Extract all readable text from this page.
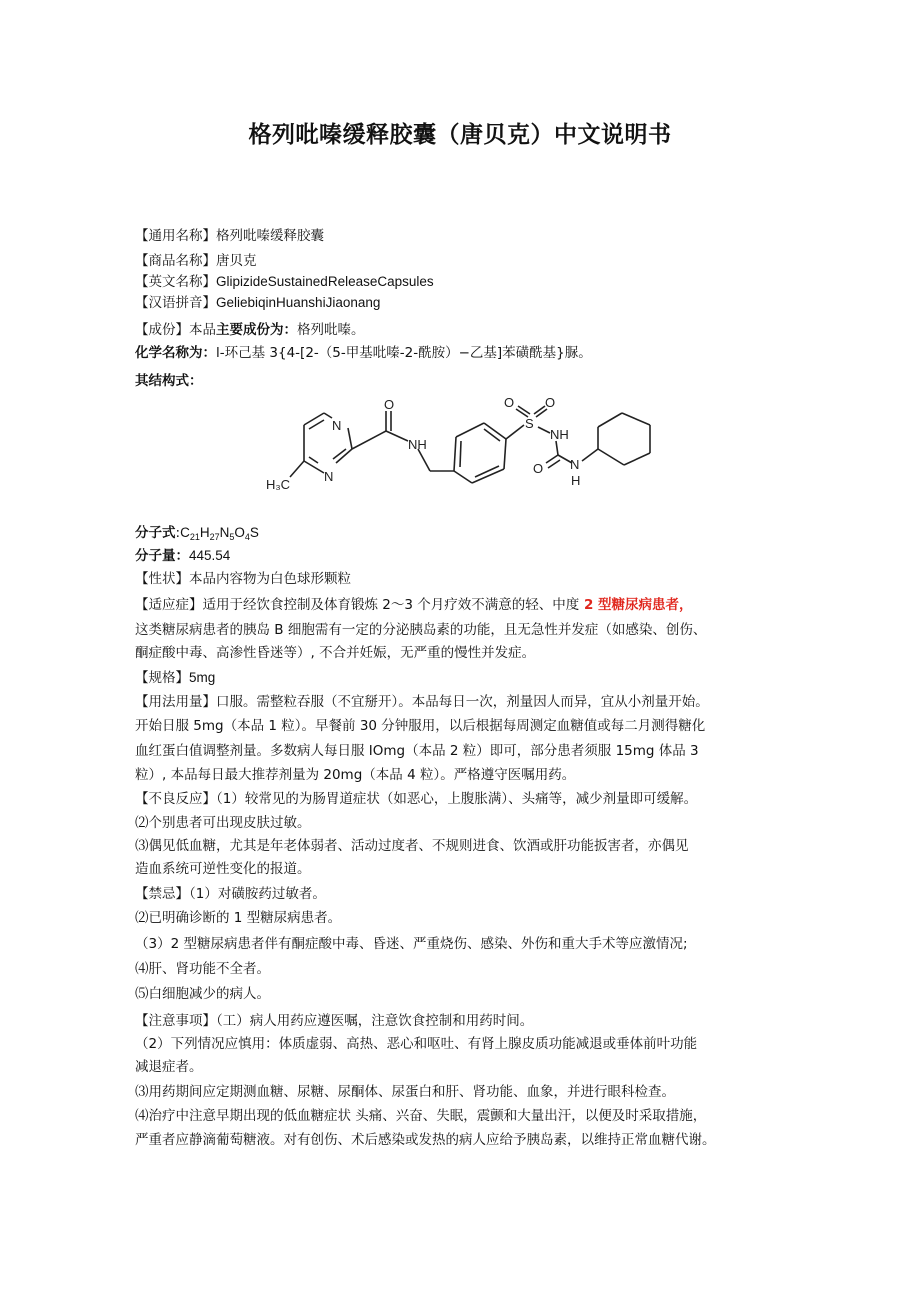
格列吡嗪缓释胶囊（唐贝克）中文说明书

【通用名称】格列吡嗪缓释胶囊

【商品名称】唐贝克

【英文名称】GlipizideSustainedReleaseCapsules

【汉语拼音】GeliebiqinHuanshiJiaonang

【成份】本品主要成份为：格列吡嗪。

化学名称为：l-环己基 3{4-[2-（5-甲基吡嗪-2-酰胺）−乙基]苯磺酰基}脲。

其结构式：

N
N
H₃C
O
NH
S
O O
NH
O N
H

分子式$:C_{21}H_{27}N_5O_4S$

分子量：445.54

【性状】本品内容物为白色球形颗粒

【适应症】适用于经饮食控制及体育锻炼 2～3 个月疗效不满意的轻、中度 2 型糖尿病患者，

这类糖尿病患者的胰岛 B 细胞需有一定的分泌胰岛素的功能，且无急性并发症（如感染、创伤、

酮症酸中毒、高渗性昏迷等）, 不合并妊娠，无严重的慢性并发症。

【规格】5mg

【用法用量】口服。需整粒吞服（不宜掰开）。本品每日一次，剂量因人而异，宜从小剂量开始。

开始日服 5mg（本品 1 粒）。早餐前 30 分钟服用，以后根据每周测定血糖值或每二月测得糖化

血红蛋白值调整剂量。多数病人每日服 IOmg（本品 2 粒）即可，部分患者须服 15mg 体品 3

粒）, 本品每日最大推荐剂量为 20mg（本品 4 粒）。严格遵守医嘱用药。

【不良反应】（1）较常见的为肠胃道症状（如恶心，上腹胀满）、头痛等，减少剂量即可缓解。

⑵个别患者可出现皮肤过敏。

⑶偶见低血糖，尤其是年老体弱者、活动过度者、不规则进食、饮酒或肝功能扳害者，亦偶见

造血系统可逆性变化的报道。

【禁忌】（1）对磺胺药过敏者。

⑵已明确诊断的 1 型糖尿病患者。

（3）2 型糖尿病患者伴有酮症酸中毒、昏迷、严重烧伤、感染、外伤和重大手术等应激情况;

⑷肝、肾功能不全者。

⑸白细胞减少的病人。

【注意事项】（工）病人用药应遵医嘱，注意饮食控制和用药时间。

（2）下列情况应慎用：体质虚弱、高热、恶心和呕吐、有肾上腺皮质功能减退或垂体前叶功能

减退症者。

⑶用药期间应定期测血糖、尿糖、尿酮体、尿蛋白和肝、肾功能、血象，并进行眼科检查。

⑷治疗中注意早期出现的低血糖症状 头痛、兴奋、失眠，震颤和大量出汗，以便及时采取措施，

严重者应静滴葡萄糖液。对有创伤、术后感染或发热的病人应给予胰岛素，以维持正常血糖代谢。
